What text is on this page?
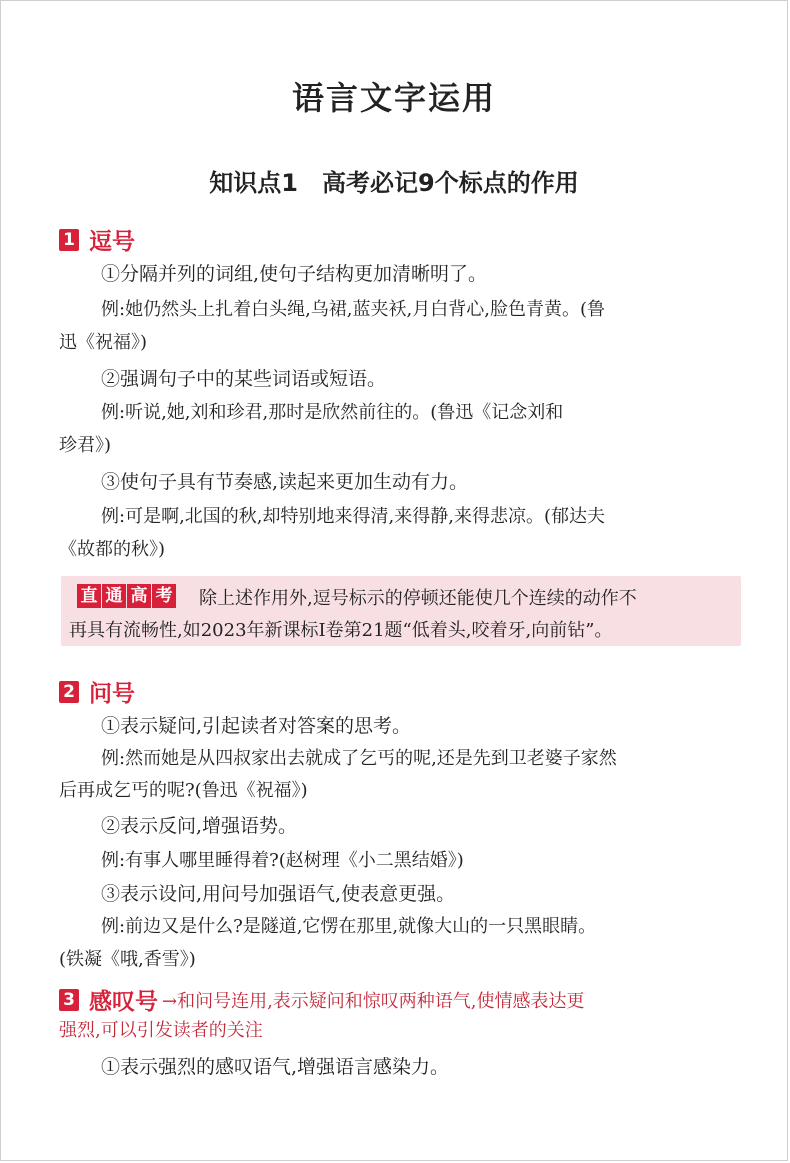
语言文字运用
知识点1　高考必记9个标点的作用
1 逗号
①分隔并列的词组,使句子结构更加清晰明了。
例:她仍然头上扎着白头绳,乌裙,蓝夹袄,月白背心,脸色青黄。(鲁
迅《祝福》)
②强调句子中的某些词语或短语。
例:听说,她,刘和珍君,那时是欣然前往的。(鲁迅《记念刘和
珍君》)
③使句子具有节奏感,读起来更加生动有力。
例:可是啊,北国的秋,却特别地来得清,来得静,来得悲凉。(郁达夫
《故都的秋》)
直 通 高 考 除上述作用外,逗号标示的停顿还能使几个连续的动作不
再具有流畅性,如2023年新课标Ⅰ卷第21题“低着头,咬着牙,向前钻”。
2 问号
①表示疑问,引起读者对答案的思考。
例:然而她是从四叔家出去就成了乞丐的呢,还是先到卫老婆子家然
后再成乞丐的呢?(鲁迅《祝福》)
②表示反问,增强语势。
例:有事人哪里睡得着?(赵树理《小二黑结婚》)
③表示设问,用问号加强语气,使表意更强。
例:前边又是什么?是隧道,它愣在那里,就像大山的一只黑眼睛。
(铁凝《哦,香雪》)
3 感叹号 →和问号连用,表示疑问和惊叹两种语气,使情感表达更
强烈,可以引发读者的关注
①表示强烈的感叹语气,增强语言感染力。
